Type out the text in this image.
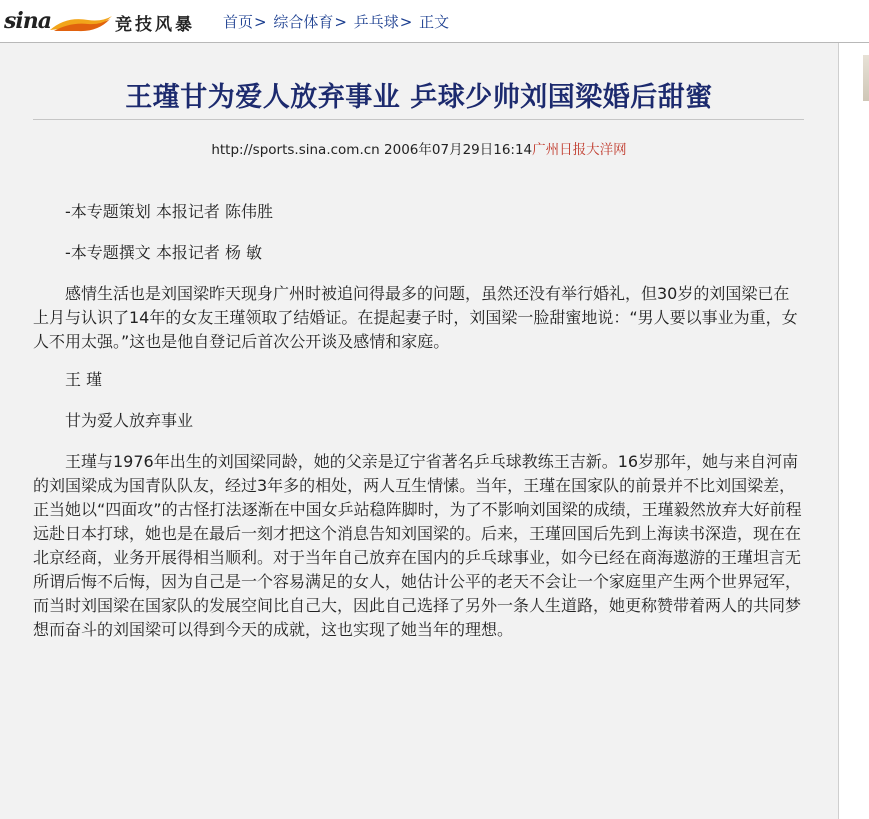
sina	竞技风暴 首页> 综合体育> 乒乓球> 正文
王瑾甘为爱人放弃事业 乒球少帅刘国梁婚后甜蜜
http://sports.sina.com.cn 2006年07月29日16:14广州日报大洋网

-本专题策划 本报记者 陈伟胜

-本专题撰文 本报记者 杨 敏

感情生活也是刘国梁昨天现身广州时被追问得最多的问题，虽然还没有举行婚礼，但30岁的刘国梁已在上月与认识了14年的女友王瑾领取了结婚证。在提起妻子时，刘国梁一脸甜蜜地说：“男人要以事业为重，女人不用太强。”这也是他自登记后首次公开谈及感情和家庭。

王 瑾

甘为爱人放弃事业

王瑾与1976年出生的刘国梁同龄，她的父亲是辽宁省著名乒乓球教练王吉新。16岁那年，她与来自河南的刘国梁成为国青队队友，经过3年多的相处，两人互生情愫。当年，王瑾在国家队的前景并不比刘国梁差，正当她以“四面攻”的古怪打法逐渐在中国女乒站稳阵脚时，为了不影响刘国梁的成绩，王瑾毅然放弃大好前程远赴日本打球，她也是在最后一刻才把这个消息告知刘国梁的。后来，王瑾回国后先到上海读书深造，现在在北京经商，业务开展得相当顺利。对于当年自己放弃在国内的乒乓球事业，如今已经在商海遨游的王瑾坦言无所谓后悔不后悔，因为自己是一个容易满足的女人，她估计公平的老天不会让一个家庭里产生两个世界冠军，而当时刘国梁在国家队的发展空间比自己大，因此自己选择了另外一条人生道路，她更称赞带着两人的共同梦想而奋斗的刘国梁可以得到今天的成就，这也实现了她当年的理想。
